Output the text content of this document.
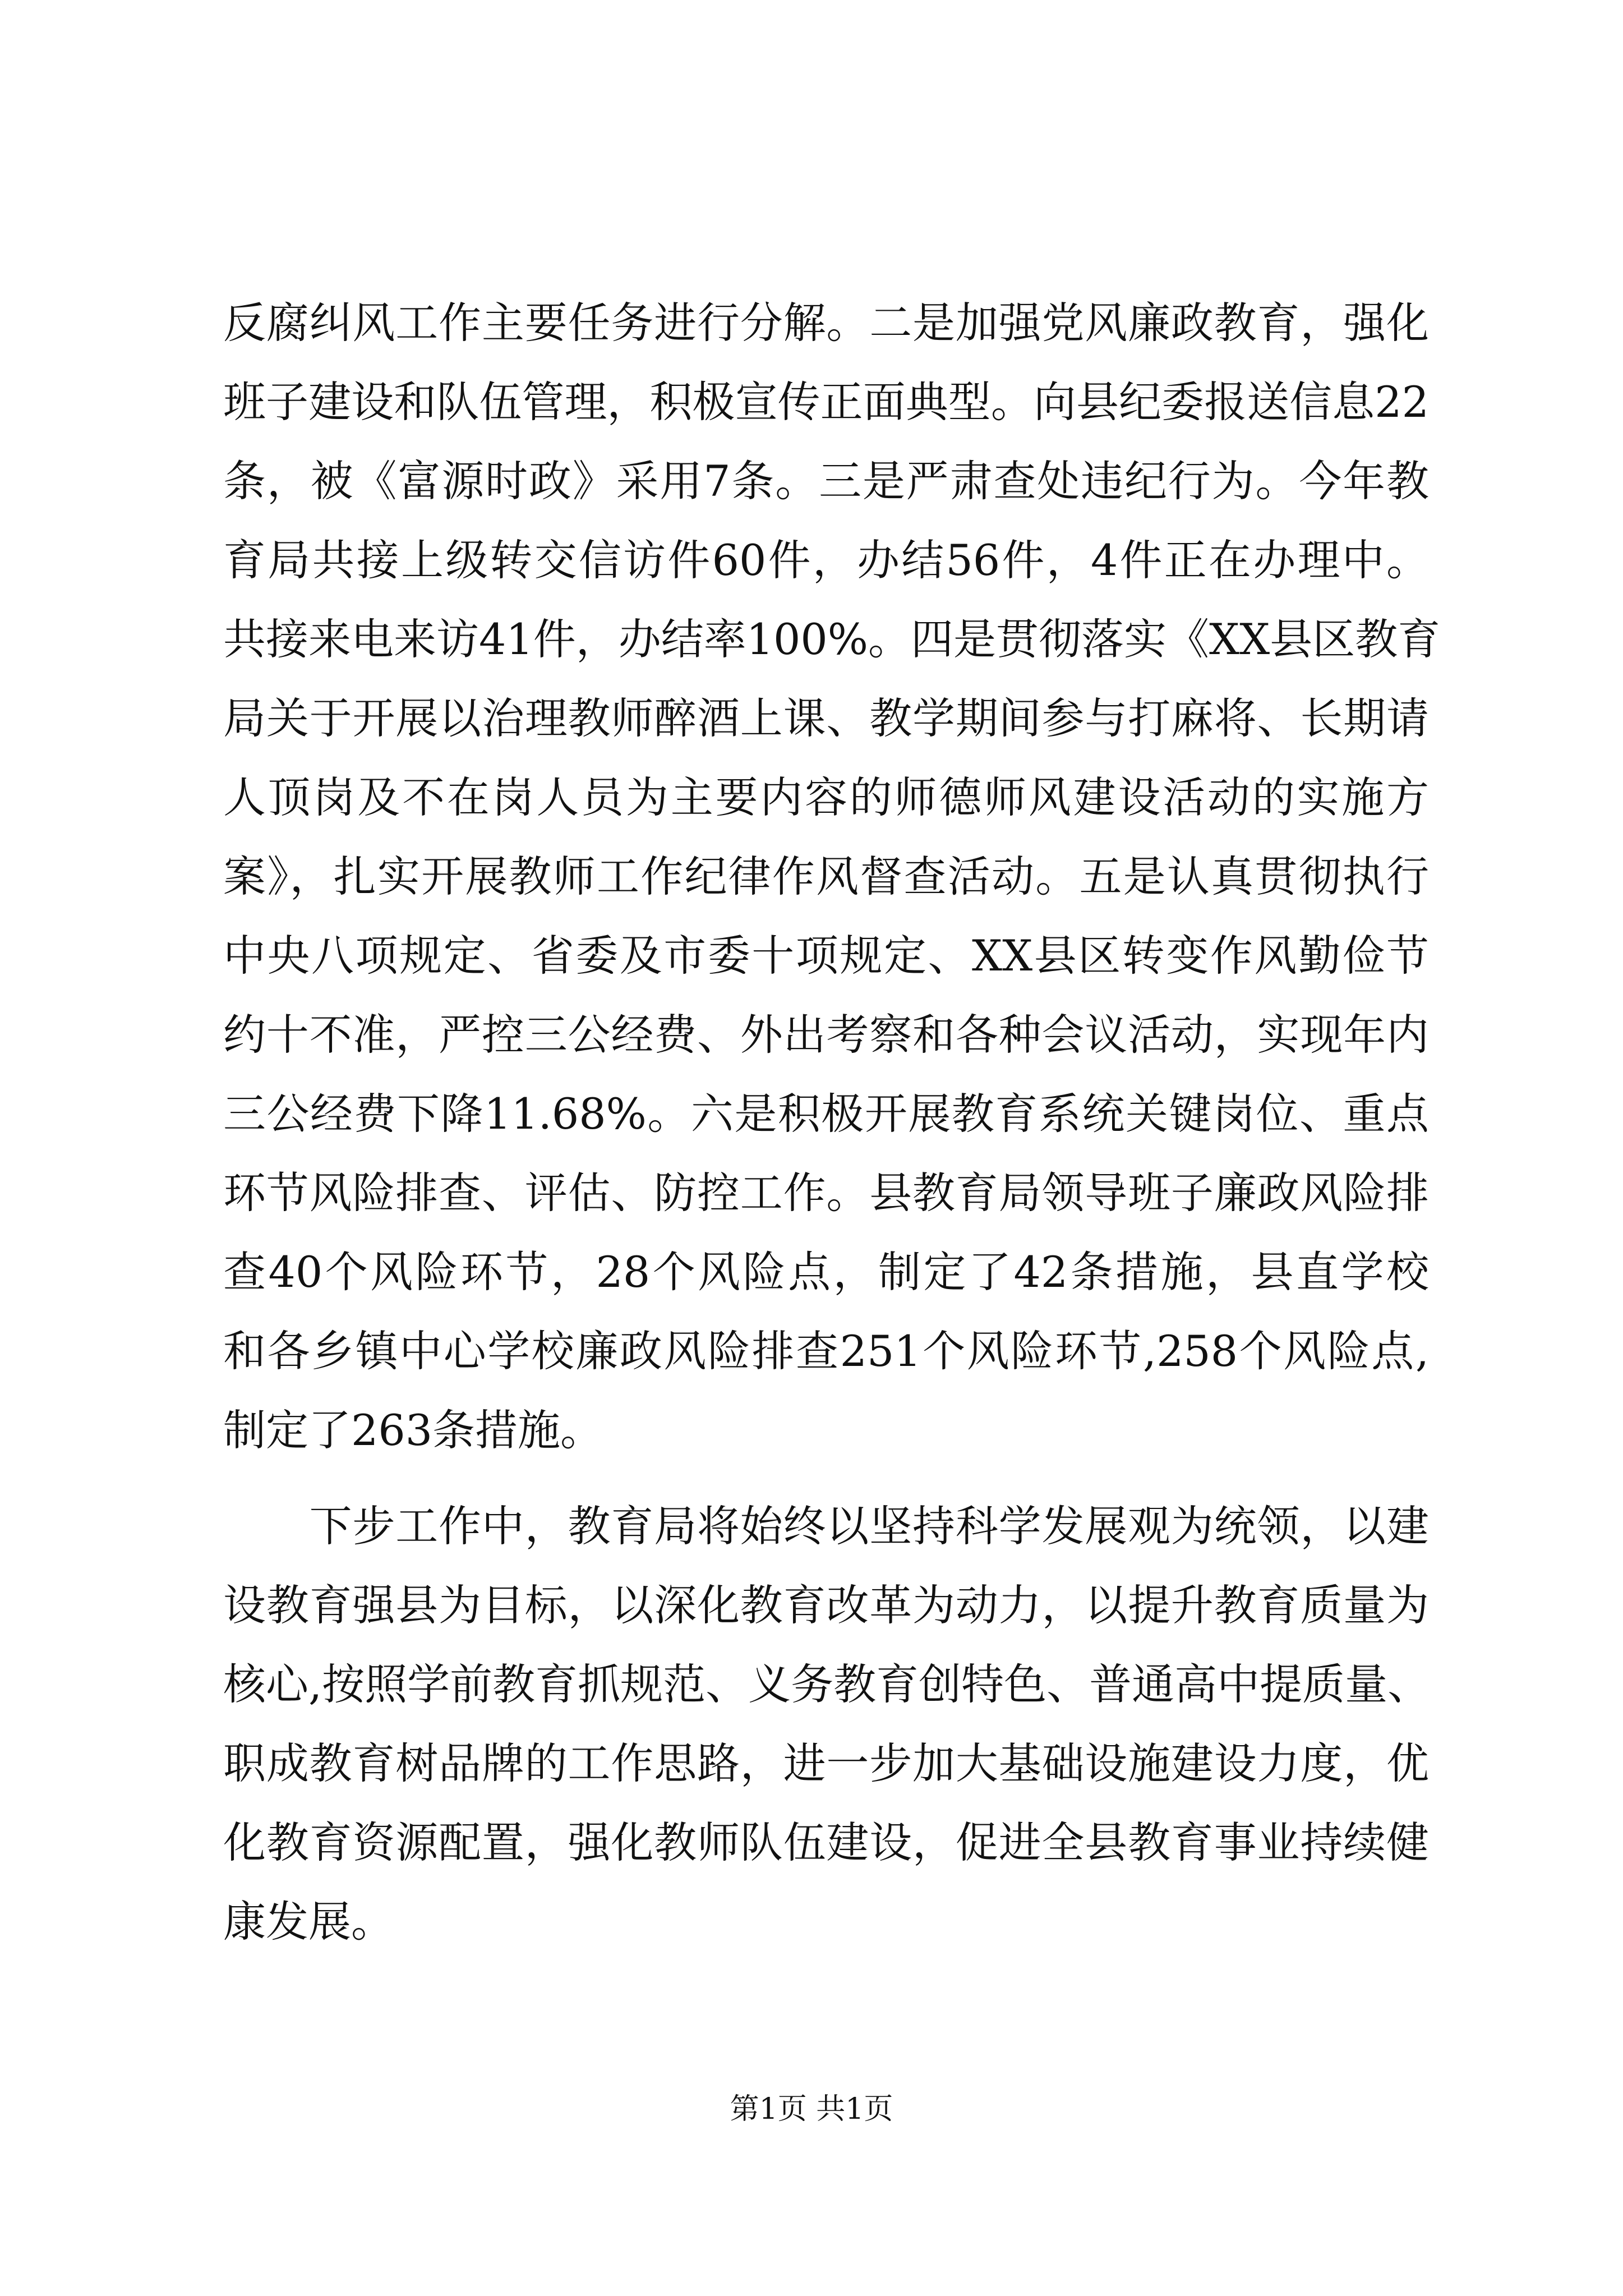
反腐纠风工作主要任务进行分解。二是加强党风廉政教育，强化
班子建设和队伍管理，积极宣传正面典型。向县纪委报送信息22
条，被《富源时政》采用7条。三是严肃查处违纪行为。今年教
育局共接上级转交信访件60件，办结56件，4件正在办理中。
共接来电来访41件，办结率100%。四是贯彻落实《XX县区教育
局关于开展以治理教师醉酒上课、教学期间参与打麻将、长期请
人顶岗及不在岗人员为主要内容的师德师风建设活动的实施方
案》，扎实开展教师工作纪律作风督查活动。五是认真贯彻执行
中央八项规定、省委及市委十项规定、XX县区转变作风勤俭节
约十不准，严控三公经费、外出考察和各种会议活动，实现年内
三公经费下降11.68%。六是积极开展教育系统关键岗位、重点
环节风险排查、评估、防控工作。县教育局领导班子廉政风险排
查40个风险环节，28个风险点，制定了42条措施，县直学校
和各乡镇中心学校廉政风险排查251个风险环节,258个风险点,
制定了263条措施。
　　下步工作中，教育局将始终以坚持科学发展观为统领，以建
设教育强县为目标，以深化教育改革为动力，以提升教育质量为
核心,按照学前教育抓规范、义务教育创特色、普通高中提质量、
职成教育树品牌的工作思路，进一步加大基础设施建设力度，优
化教育资源配置，强化教师队伍建设，促进全县教育事业持续健
康发展。
第1页 共1页
